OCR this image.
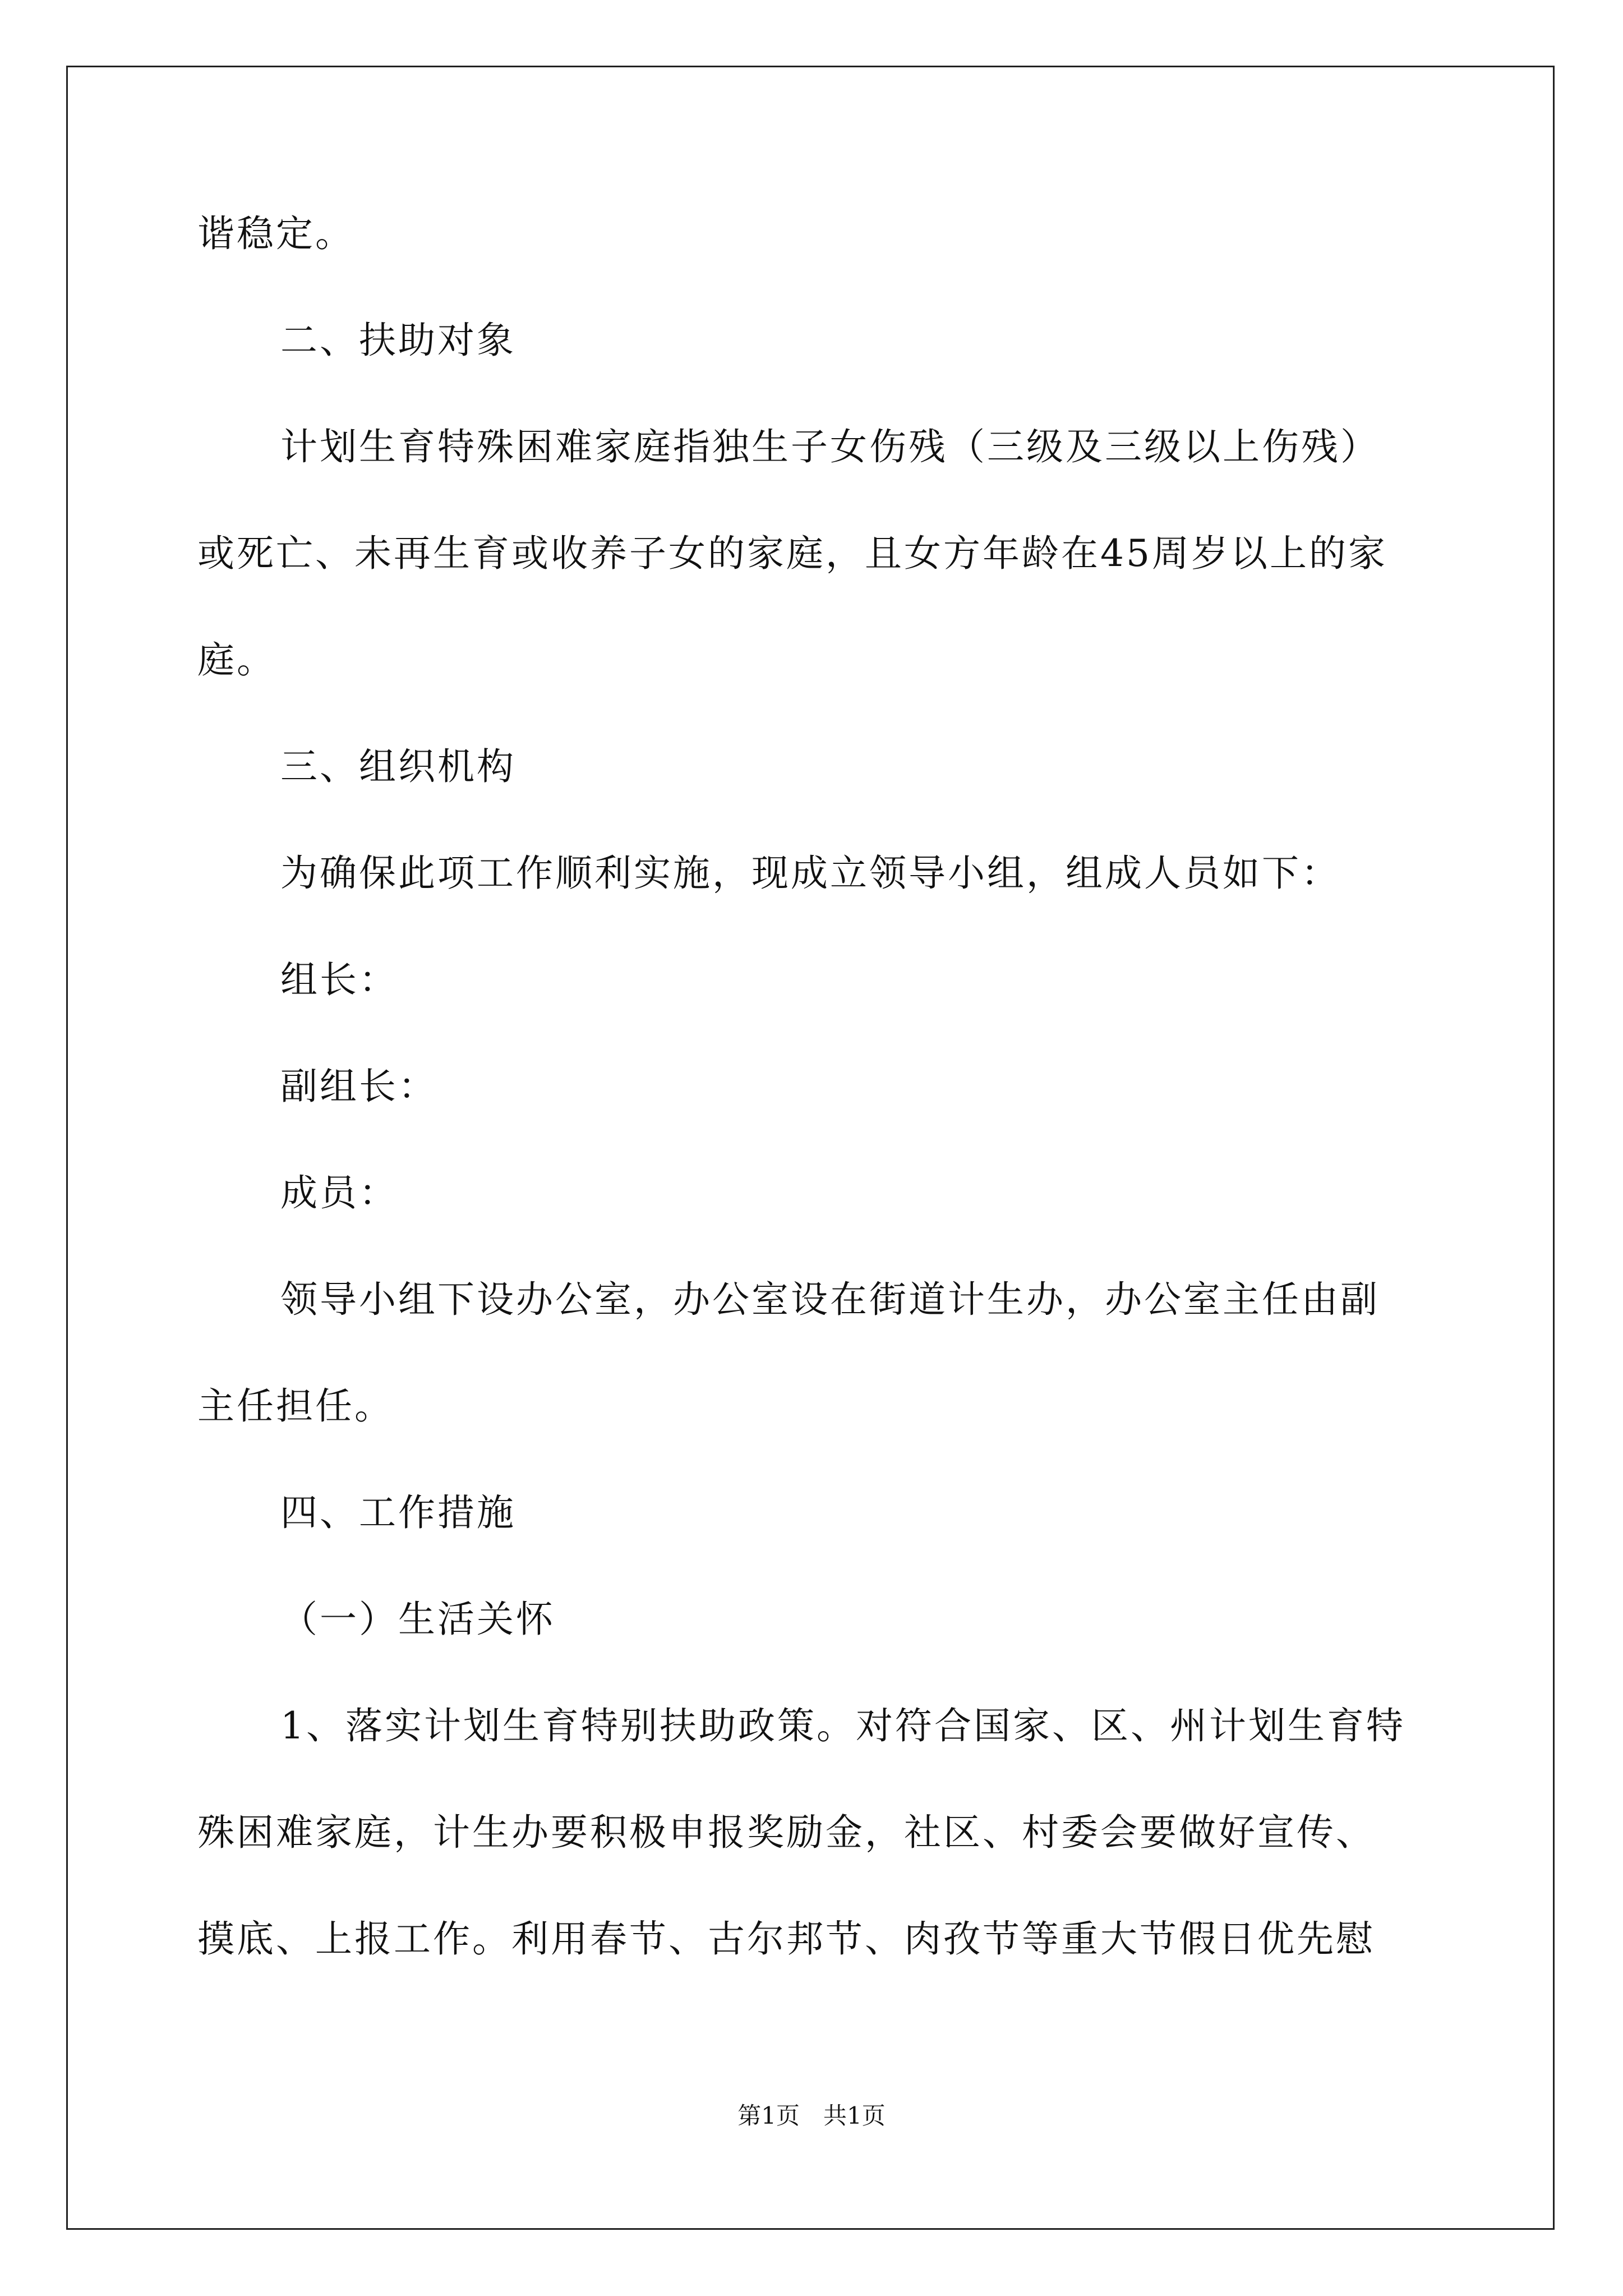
谐稳定。
二、扶助对象
计划生育特殊困难家庭指独生子女伤残（三级及三级以上伤残）
或死亡、未再生育或收养子女的家庭，且女方年龄在45周岁以上的家
庭。
三、组织机构
为确保此项工作顺利实施，现成立领导小组，组成人员如下：
组长：
副组长：
成员：
领导小组下设办公室，办公室设在街道计生办，办公室主任由副
主任担任。
四、工作措施
（一）生活关怀
1、落实计划生育特别扶助政策。对符合国家、区、州计划生育特
殊困难家庭，计生办要积极申报奖励金，社区、村委会要做好宣传、
摸底、上报工作。利用春节、古尔邦节、肉孜节等重大节假日优先慰
第1页　共1页
